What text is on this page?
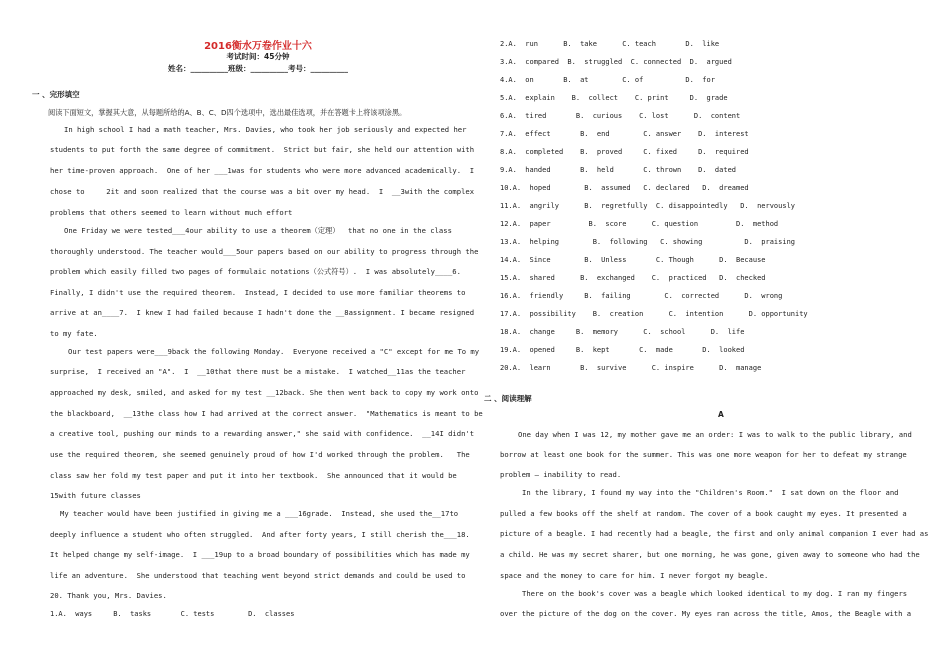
2016衡水万卷作业十六
考试时间：45分钟
姓名：__________班级：__________考号：__________
一 、完形填空
阅读下面短文，掌握其大意，从每题所给的A、B、C、D四个选项中，选出最佳选项，并在答题卡上将该项涂黑。
In high school I had a math teacher, Mrs. Davies, who took her job seriously and expected her
students to put forth the same degree of commitment.  Strict but fair, she held our attention with
her time-proven approach.  One of her ___1was for students who were more advanced academically.  I
chose to     2it and soon realized that the course was a bit over my head.  I  __3with the complex
problems that others seemed to learn without much effort
One Friday we were tested___4our ability to use a theorem（定理）  that no one in the class
thoroughly understood. The teacher would___5our papers based on our ability to progress through the
problem which easily filled two pages of formulaic notations（公式符号）.  I was absolutely____6.
Finally, I didn't use the required theorem.  Instead, I decided to use more familiar theorems to
arrive at an____7.  I knew I had failed because I hadn't done the __8assignment. I became resigned
to my fate.
Our test papers were___9back the following Monday.  Everyone received a "C" except for me To my
surprise,  I received an "A".  I  __10that there must be a mistake.  I watched__11as the teacher
approached my desk, smiled, and asked for my test __12back. She then went back to copy my work onto
the blackboard,  __13the class how I had arrived at the correct answer.  "Mathematics is meant to be
a creative tool, pushing our minds to a rewarding answer," she said with confidence.  __14I didn't
use the required theorem, she seemed genuinely proud of how I'd worked through the problem.   The
class saw her fold my test paper and put it into her textbook.  She announced that it would be
15with future classes
My teacher would have been justified in giving me a ___16grade.  Instead, she used the__17to
deeply influence a student who often struggled.  And after forty years, I still cherish the___18.
It helped change my self-image.  I ___19up to a broad boundary of possibilities which has made my
life an adventure.  She understood that teaching went beyond strict demands and could be used to
20. Thank you, Mrs. Davies.
1.A.  ways     B.  tasks       C. tests        D.  classes
2.A.  run      B.  take      C. teach       D.  like
3.A.  compared  B.  struggled  C. connected  D.  argued
4.A.  on       B.  at        C. of          D.  for
5.A.  explain    B.  collect    C. print     D.  grade
6.A.  tired       B.  curious    C. lost      D.  content
7.A.  effect       B.  end        C. answer    D.  interest
8.A.  completed    B.  proved     C. fixed     D.  required
9.A.  handed       B.  held       C. thrown    D.  dated
10.A.  hoped        B.  assumed   C. declared   D.  dreamed
11.A.  angrily      B.  regretfully  C. disappointedly   D.  nervously
12.A.  paper         B.  score      C. question         D.  method
13.A.  helping        B.  following   C. showing          D.  praising
14.A.  Since        B.  Unless       C. Though      D.  Because
15.A.  shared      B.  exchanged    C.  practiced   D.  checked
16.A.  friendly     B.  failing        C.  corrected      D.  wrong
17.A.  possibility    B.  creation      C.  intention      D. opportunity
18.A.  change     B.  memory      C.  school      D.  life
19.A.  opened     B.  kept       C.  made       D.  looked
20.A.  learn       B.  survive      C. inspire      D.  manage
二 、阅读理解
A
One day when I was 12, my mother gave me an order: I was to walk to the public library, and
borrow at least one book for the summer. This was one more weapon for her to defeat my strange
problem — inability to read.
In the library, I found my way into the "Children's Room."  I sat down on the floor and
pulled a few books off the shelf at random. The cover of a book caught my eyes. It presented a
picture of a beagle. I had recently had a beagle, the first and only animal companion I ever had as
a child. He was my secret sharer, but one morning, he was gone, given away to someone who had the
space and the money to care for him. I never forgot my beagle.
There on the book's cover was a beagle which looked identical to my dog. I ran my fingers
over the picture of the dog on the cover. My eyes ran across the title, Amos, the Beagle with a
